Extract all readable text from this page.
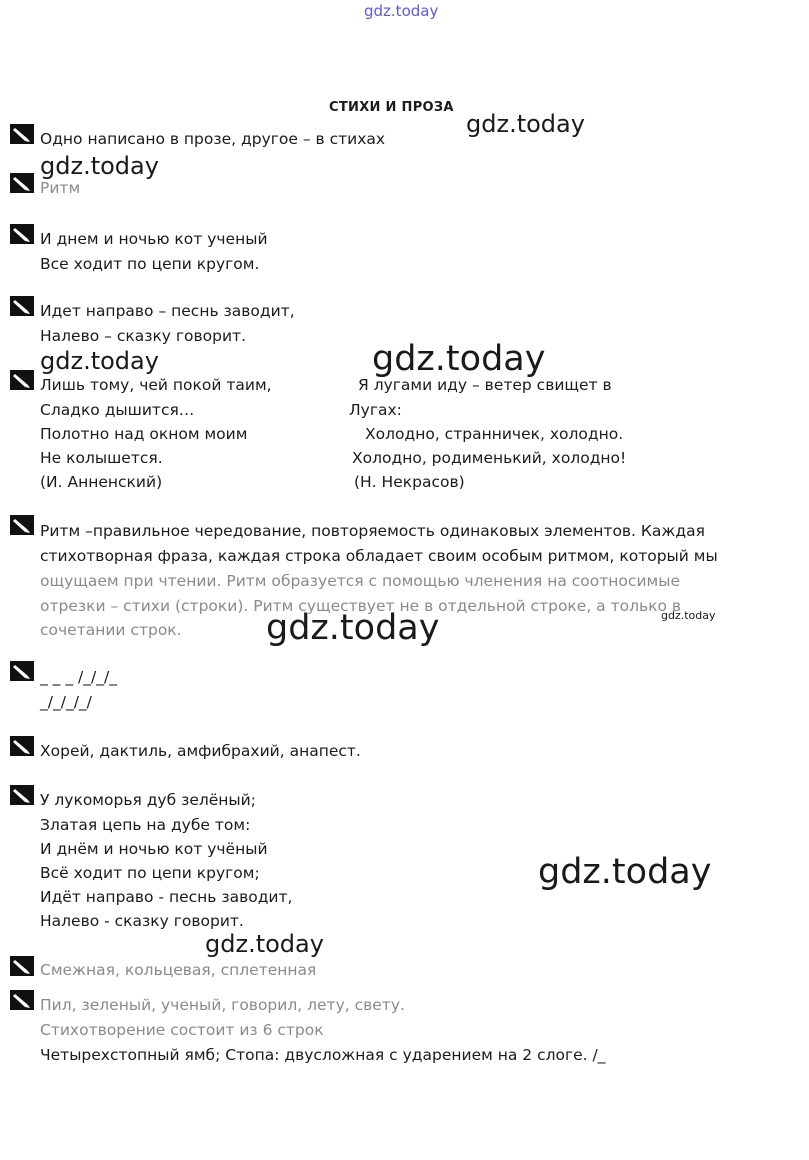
gdz.today
СТИХИ И ПРОЗА
gdz.today
gdz.today
gdz.today	gdz.today
gdz.today	gdz.today
gdz.today
gdz.today
Одно написано в прозе, другое – в стихах
Ритм
И днем и ночью кот ученый
Все ходит по цепи кругом.
Идет направо – песнь заводит,
Налево – сказку говорит.
Лишь тому, чей покой таим,
Сладко дышится…
Полотно над окном моим
Не колышется.
(И. Анненский)
Я лугами иду – ветер свищет в
Лугах:
Холодно, странничек, холодно.
Холодно, родименький, холодно!
(Н. Некрасов)
Ритм –правильное чередование, повторяемость одинаковых элементов. Каждая
стихотворная фраза, каждая строка обладает своим особым ритмом, который мы
ощущаем при чтении. Ритм образуется с помощью членения на соотносимые
отрезки – стихи (строки). Ритм существует не в отдельной строке, а только в
сочетании строк.
_ _ _ /_/_/_
_/_/_/_/
Хорей, дактиль, амфибрахий, анапест.
У лукоморья дуб зелёный;
Златая цепь на дубе том:
И днём и ночью кот учёный
Всё ходит по цепи кругом;
Идёт направо - песнь заводит,
Налево - сказку говорит.
Смежная, кольцевая, сплетенная
Пил, зеленый, ученый, говорил, лету, свету.
Стихотворение состоит из 6 строк
Четырехстопный ямб; Стопа: двусложная с ударением на 2 слоге. /_
